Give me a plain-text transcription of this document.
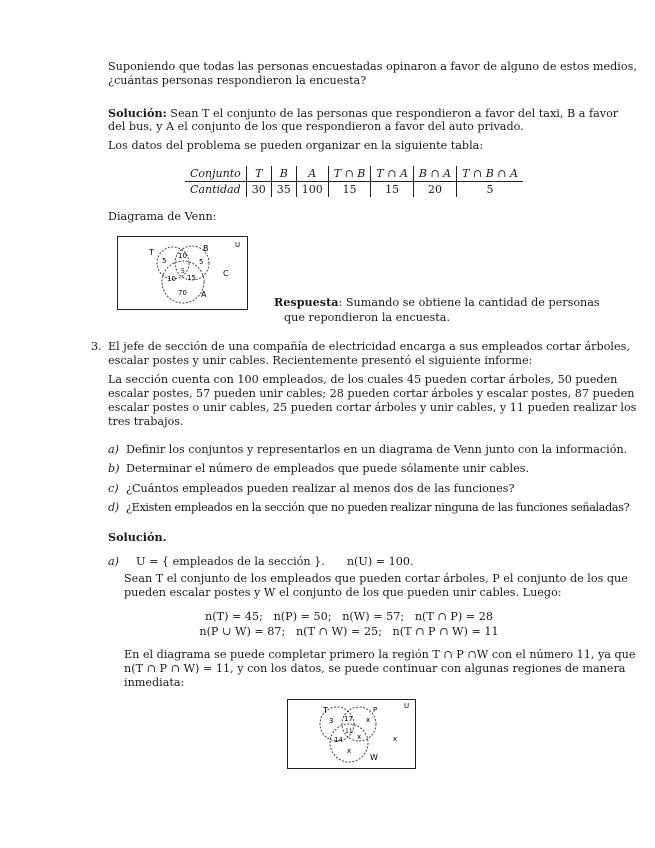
Suponiendo que todas las personas encuestadas opinaron a favor de alguno de estos medios,

¿cuántas personas respondieron la encuesta?

Solución: Sean T el conjunto de las personas que respondieron a favor del taxi, B a favor

del bus, y A el conjunto de los que respondieron a favor del auto privado.

Los datos del problema se pueden organizar en la siguiente tabla:

Conjunto	T	B	A	T ∩ B	T ∩ A	B ∩ A	T ∩ B ∩ A
Cantidad	30	35	100	15	15	20	5

Diagrama de Venn:

T	B
A
U
C
5
10
5
5
10 15
70

Respuesta: Sumando se obtiene la cantidad de personas

que repondieron la encuesta.

3. El jefe de sección de una compañía de electricidad encarga a sus empleados cortar árboles,

escalar postes y unir cables. Recientemente presentó el siguiente informe:

La sección cuenta con 100 empleados, de los cuales 45 pueden cortar árboles, 50 pueden

escalar postes, 57 pueden unir cables; 28 pueden cortar árboles y escalar postes, 87 pueden

escalar postes o unir cables, 25 pueden cortar árboles y unir cables, y 11 pueden realizar los

tres trabajos.

a) Definir los conjuntos y representarlos en un diagrama de Venn junto con la información.
b) Determinar el número de empleados que puede sólamente unir cables.
c) ¿Cuántos empleados pueden realizar al menos dos de las funciones?
d) ¿Existen empleados en la sección que no pueden realizar ninguna de las funciones señaladas?

Solución.

a) U = { empleados de la sección }. n(U) = 100.

Sean T el conjunto de los empleados que pueden cortar árboles, P el conjunto de los que

pueden escalar postes y W el conjunto de los que pueden unir cables. Luego:

n(T) = 45;   n(P) = 50;   n(W) = 57;   n(T ∩ P) = 28
n(P ∪ W) = 87;   n(T ∩ W) = 25;   n(T ∩ P ∩ W) = 11

En el diagrama se puede completar primero la región T ∩ P ∩W con el número 11, ya que

n(T ∩ P ∩ W) = 11, y con los datos, se puede continuar con algunas regiones de manera

inmediata:

T	P
W
U
3 17 x
11
14 x
x
x
